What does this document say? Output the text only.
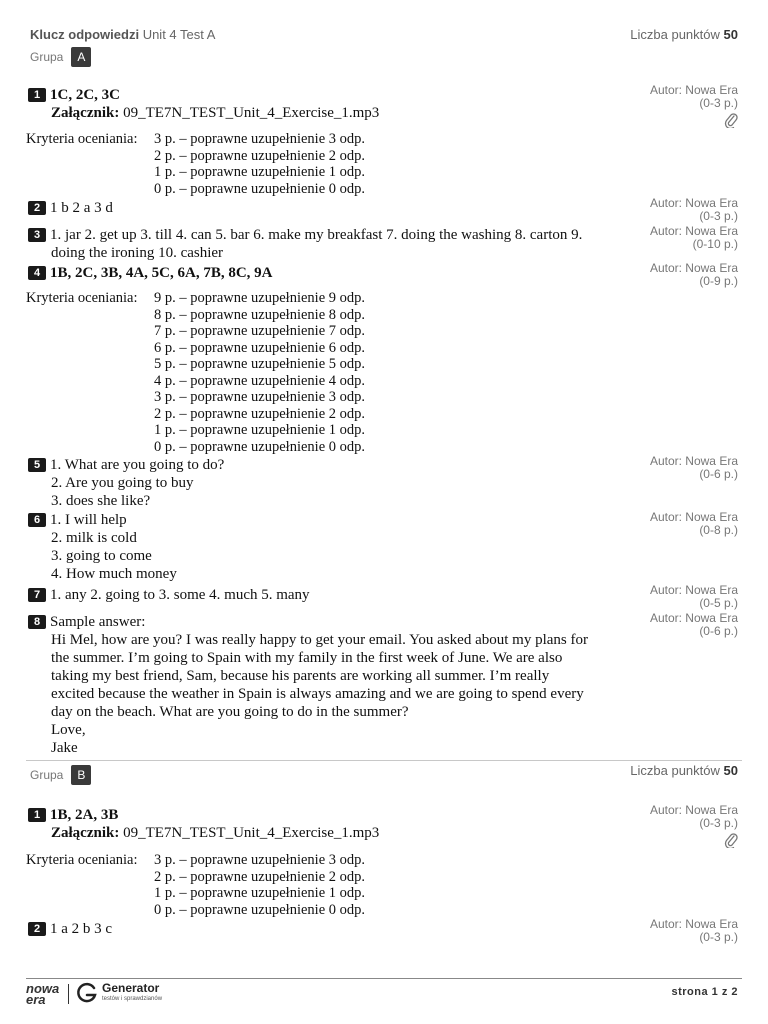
Klucz odpowiedzi Unit 4 Test A	Liczba punktów 50
Grupa	A
1 1C, 2C, 3C
Załącznik: 09_TE7N_TEST_Unit_4_Exercise_1.mp3
Autor: Nowa Era
(0-3 p.)
Kryteria oceniania: 3 p. – poprawne uzupełnienie 3 odp.
2 p. – poprawne uzupełnienie 2 odp.
1 p. – poprawne uzupełnienie 1 odp.
0 p. – poprawne uzupełnienie 0 odp.
2 1 b 2 a 3 d	Autor: Nowa Era
(0-3 p.)
3 1. jar 2. get up 3. till 4. can 5. bar 6. make my breakfast 7. doing the washing 8. carton 9.
doing the ironing 10. cashier
Autor: Nowa Era
(0-10 p.)
4 1B, 2C, 3B, 4A, 5C, 6A, 7B, 8C, 9A	Autor: Nowa Era
(0-9 p.)
Kryteria oceniania: 9 p. – poprawne uzupełnienie 9 odp.
8 p. – poprawne uzupełnienie 8 odp.
7 p. – poprawne uzupełnienie 7 odp.
6 p. – poprawne uzupełnienie 6 odp.
5 p. – poprawne uzupełnienie 5 odp.
4 p. – poprawne uzupełnienie 4 odp.
3 p. – poprawne uzupełnienie 3 odp.
2 p. – poprawne uzupełnienie 2 odp.
1 p. – poprawne uzupełnienie 1 odp.
0 p. – poprawne uzupełnienie 0 odp.
5 1. What are you going to do?
2. Are you going to buy
3. does she like?
Autor: Nowa Era
(0-6 p.)
6 1. I will help
2. milk is cold
3. going to come
4. How much money
Autor: Nowa Era
(0-8 p.)
7 1. any 2. going to 3. some 4. much 5. many	Autor: Nowa Era
(0-5 p.)
8 Sample answer:
Hi Mel, how are you? I was really happy to get your email. You asked about my plans for
the summer. I’m going to Spain with my family in the first week of June. We are also
taking my best friend, Sam, because his parents are working all summer. I’m really
excited because the weather in Spain is always amazing and we are going to spend every
day on the beach. What are you going to do in the summer?
Love,
Jake
Autor: Nowa Era
(0-6 p.)
Grupa	B	Liczba punktów 50
1 1B, 2A, 3B
Załącznik: 09_TE7N_TEST_Unit_4_Exercise_1.mp3
Autor: Nowa Era
(0-3 p.)
Kryteria oceniania: 3 p. – poprawne uzupełnienie 3 odp.
2 p. – poprawne uzupełnienie 2 odp.
1 p. – poprawne uzupełnienie 1 odp.
0 p. – poprawne uzupełnienie 0 odp.
2 1 a 2 b 3 c	Autor: Nowa Era
(0-3 p.)
nowa
era
Generator
testów i sprawdzianów
strona 1 z 2
